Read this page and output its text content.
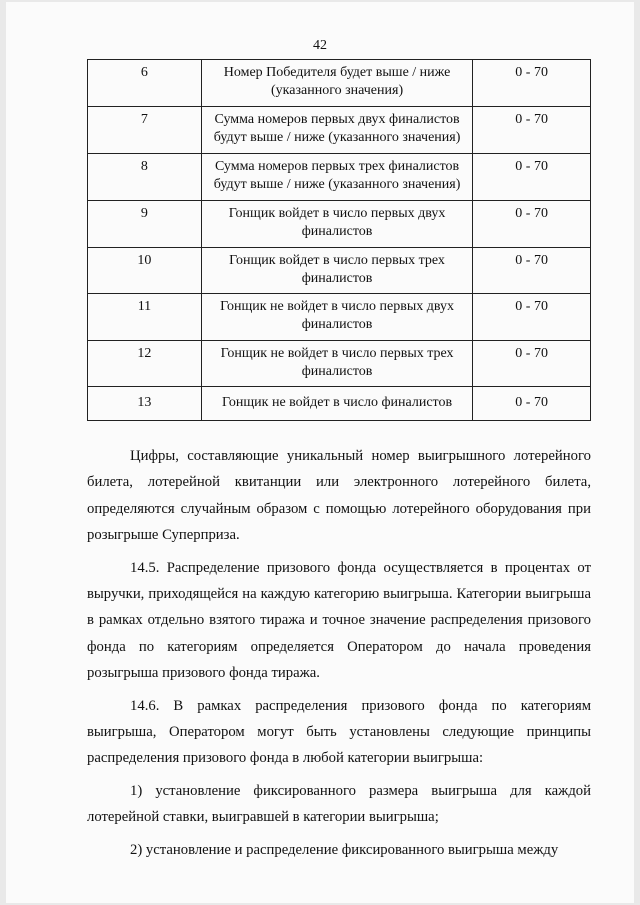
42
6	Номер Победителя будет выше / ниже (указанного значения)	0 - 70
7	Сумма номеров первых двух финалистов будут выше / ниже (указанного значения)	0 - 70
8	Сумма номеров первых трех финалистов будут выше / ниже (указанного значения)	0 - 70
9	Гонщик войдет в число первых двух финалистов	0 - 70
10	Гонщик войдет в число первых трех финалистов	0 - 70
11	Гонщик не войдет в число первых двух финалистов	0 - 70
12	Гонщик не войдет в число первых трех финалистов	0 - 70
13	Гонщик не войдет в число финалистов	0 - 70

Цифры, составляющие уникальный номер выигрышного лотерейного билета, лотерейной квитанции или электронного лотерейного билета, определяются случайным образом с помощью лотерейного оборудования при розыгрыше Суперприза.

14.5. Распределение призового фонда осуществляется в процентах от выручки, приходящейся на каждую категорию выигрыша. Категории выигрыша в рамках отдельно взятого тиража и точное значение распределения призового фонда по категориям определяется Оператором до начала проведения розыгрыша призового фонда тиража.

14.6. В рамках распределения призового фонда по категориям выигрыша, Оператором могут быть установлены следующие принципы распределения призового фонда в любой категории выигрыша:

1) установление фиксированного размера выигрыша для каждой лотерейной ставки, выигравшей в категории выигрыша;

2) установление и распределение фиксированного выигрыша между
